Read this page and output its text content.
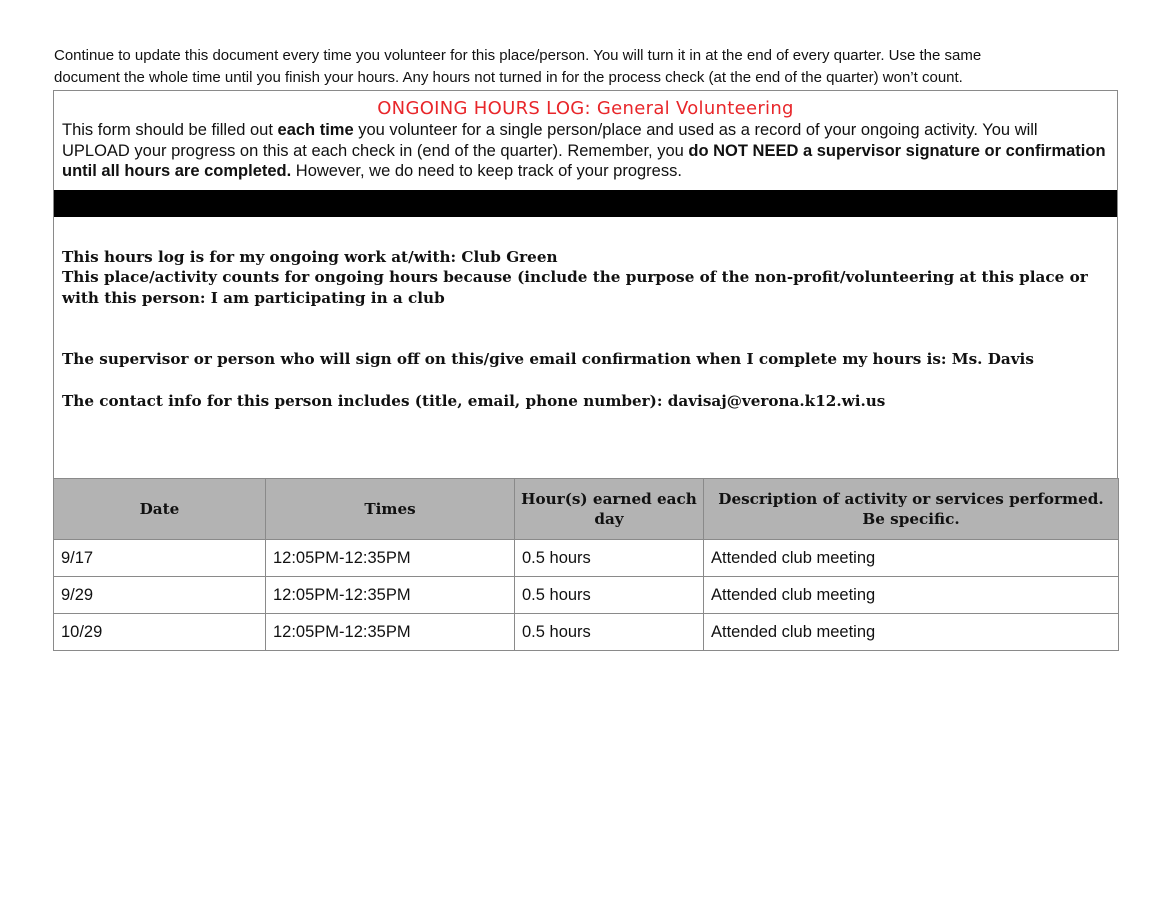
Continue to update this document every time you volunteer for this place/person. You will turn it in at the end of every quarter. Use the same
document the whole time until you finish your hours. Any hours not turned in for the process check (at the end of the quarter) won’t count.
ONGOING HOURS LOG: General Volunteering
This form should be filled out each time you volunteer for a single person/place and used as a record of your ongoing activity. You will UPLOAD your progress on this at each check in (end of the quarter). Remember, you do NOT NEED a supervisor signature or confirmation until all hours are completed. However, we do need to keep track of your progress.

This hours log is for my ongoing work at/with: Club Green

This place/activity counts for ongoing hours because (include the purpose of the non-profit/volunteering at this place or with this person: I am participating in a club

The supervisor or person who will sign off on this/give email confirmation when I complete my hours is: Ms. Davis

The contact info for this person includes (title, email, phone number): davisaj@verona.k12.wi.us

Date	Times	Hour(s) earned each day	Description of activity or services performed. Be specific.
9/17	12:05PM-12:35PM	0.5 hours	Attended club meeting
9/29	12:05PM-12:35PM	0.5 hours	Attended club meeting
10/29	12:05PM-12:35PM	0.5 hours	Attended club meeting
